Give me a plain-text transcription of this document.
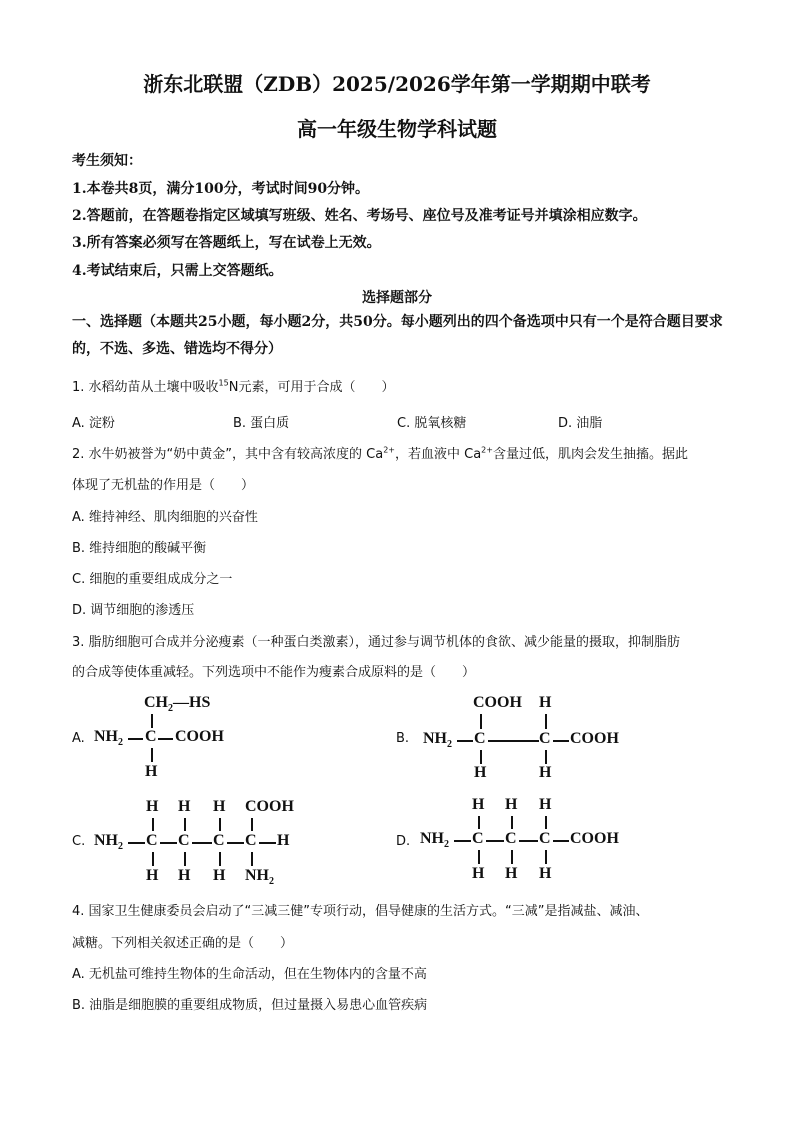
浙东北联盟（ZDB）2025/2026学年第一学期期中联考
高一年级生物学科试题
考生须知：
1.本卷共8页，满分100分，考试时间90分钟。
2.答题前，在答题卷指定区域填写班级、姓名、考场号、座位号及准考证号并填涂相应数字。
3.所有答案必须写在答题纸上，写在试卷上无效。
4.考试结束后，只需上交答题纸。
选择题部分
一、选择题（本题共25小题，每小题2分，共50分。每小题列出的四个备选项中只有一个是符合题目要求的，不选、多选、错选均不得分）
1. 水稻幼苗从土壤中吸收$^{15}$N元素，可用于合成（　　）
A. 淀粉	B. 蛋白质	C. 脱氧核糖	D. 油脂
2. 水牛奶被誉为“奶中黄金”，其中含有较高浓度的 $Ca^{2+}$，若血液中 $Ca^{2+}$含量过低，肌肉会发生抽搐。据此
体现了无机盐的作用是（　　）
A. 维持神经、肌肉细胞的兴奋性
B. 维持细胞的酸碱平衡
C. 细胞的重要组成成分之一
D. 调节细胞的渗透压
3. 脂肪细胞可合成并分泌瘦素（一种蛋白类激素），通过参与调节机体的食欲、减少能量的摄取，抑制脂肪
的合成等使体重减轻。下列选项中不能作为瘦素合成原料的是（　　）
A.
$CH_2—HS$
$NH_2$ C COOH
H
B.
COOH H
$NH_2$ C	C COOH
H	H
C.
H H H COOH
$NH_2$ C C C C H
H H H $NH_2$
D.
H H H
$NH_2$ C C C COOH
H H H
4. 国家卫生健康委员会启动了“三减三健”专项行动，倡导健康的生活方式。“三减”是指减盐、减油、
减糖。下列相关叙述正确的是（　　）
A. 无机盐可维持生物体的生命活动，但在生物体内的含量不高
B. 油脂是细胞膜的重要组成物质，但过量摄入易患心血管疾病
